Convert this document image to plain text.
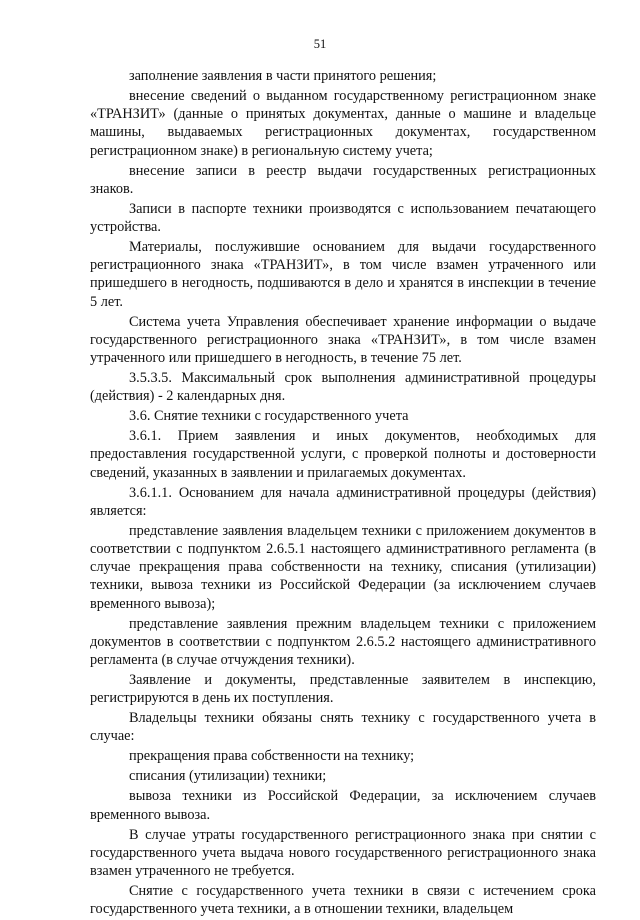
51

заполнение заявления в части принятого решения;

внесение сведений о выданном государственному регистрационном знаке «ТРАНЗИТ» (данные о принятых документах, данные о машине и владельце машины, выдаваемых регистрационных документах, государственном регистрационном знаке) в региональную систему учета;

внесение записи в реестр выдачи государственных регистрационных знаков.

Записи в паспорте техники производятся с использованием печатающего устройства.

Материалы, послужившие основанием для выдачи государственного регистрационного знака «ТРАНЗИТ», в том числе взамен утраченного или пришедшего в негодность, подшиваются в дело и хранятся в инспекции в течение 5 лет.

Система учета Управления обеспечивает хранение информации о выдаче государственного регистрационного знака «ТРАНЗИТ», в том числе взамен утраченного или пришедшего в негодность, в течение 75 лет.

3.5.3.5. Максимальный срок выполнения административной процедуры (действия) - 2 календарных дня.

3.6. Снятие техники с государственного учета

3.6.1. Прием заявления и иных документов, необходимых для предоставления государственной услуги, с проверкой полноты и достоверности сведений, указанных в заявлении и прилагаемых документах.

3.6.1.1. Основанием для начала административной процедуры (действия) является:

представление заявления владельцем техники с приложением документов в соответствии с подпунктом 2.6.5.1 настоящего административного регламента (в случае прекращения права собственности на технику, списания (утилизации) техники, вывоза техники из Российской Федерации (за исключением случаев временного вывоза);

представление заявления прежним владельцем техники с приложением документов в соответствии с подпунктом 2.6.5.2 настоящего административного регламента (в случае отчуждения техники).

Заявление и документы, представленные заявителем в инспекцию, регистрируются в день их поступления.

Владельцы техники обязаны снять технику с государственного учета в случае:

прекращения права собственности на технику;

списания (утилизации) техники;

вывоза техники из Российской Федерации, за исключением случаев временного вывоза.

В случае утраты государственного регистрационного знака при снятии с государственного учета выдача нового государственного регистрационного знака взамен утраченного не требуется.

Снятие с государственного учета техники в связи с истечением срока государственного учета техники, а в отношении техники, владельцем
